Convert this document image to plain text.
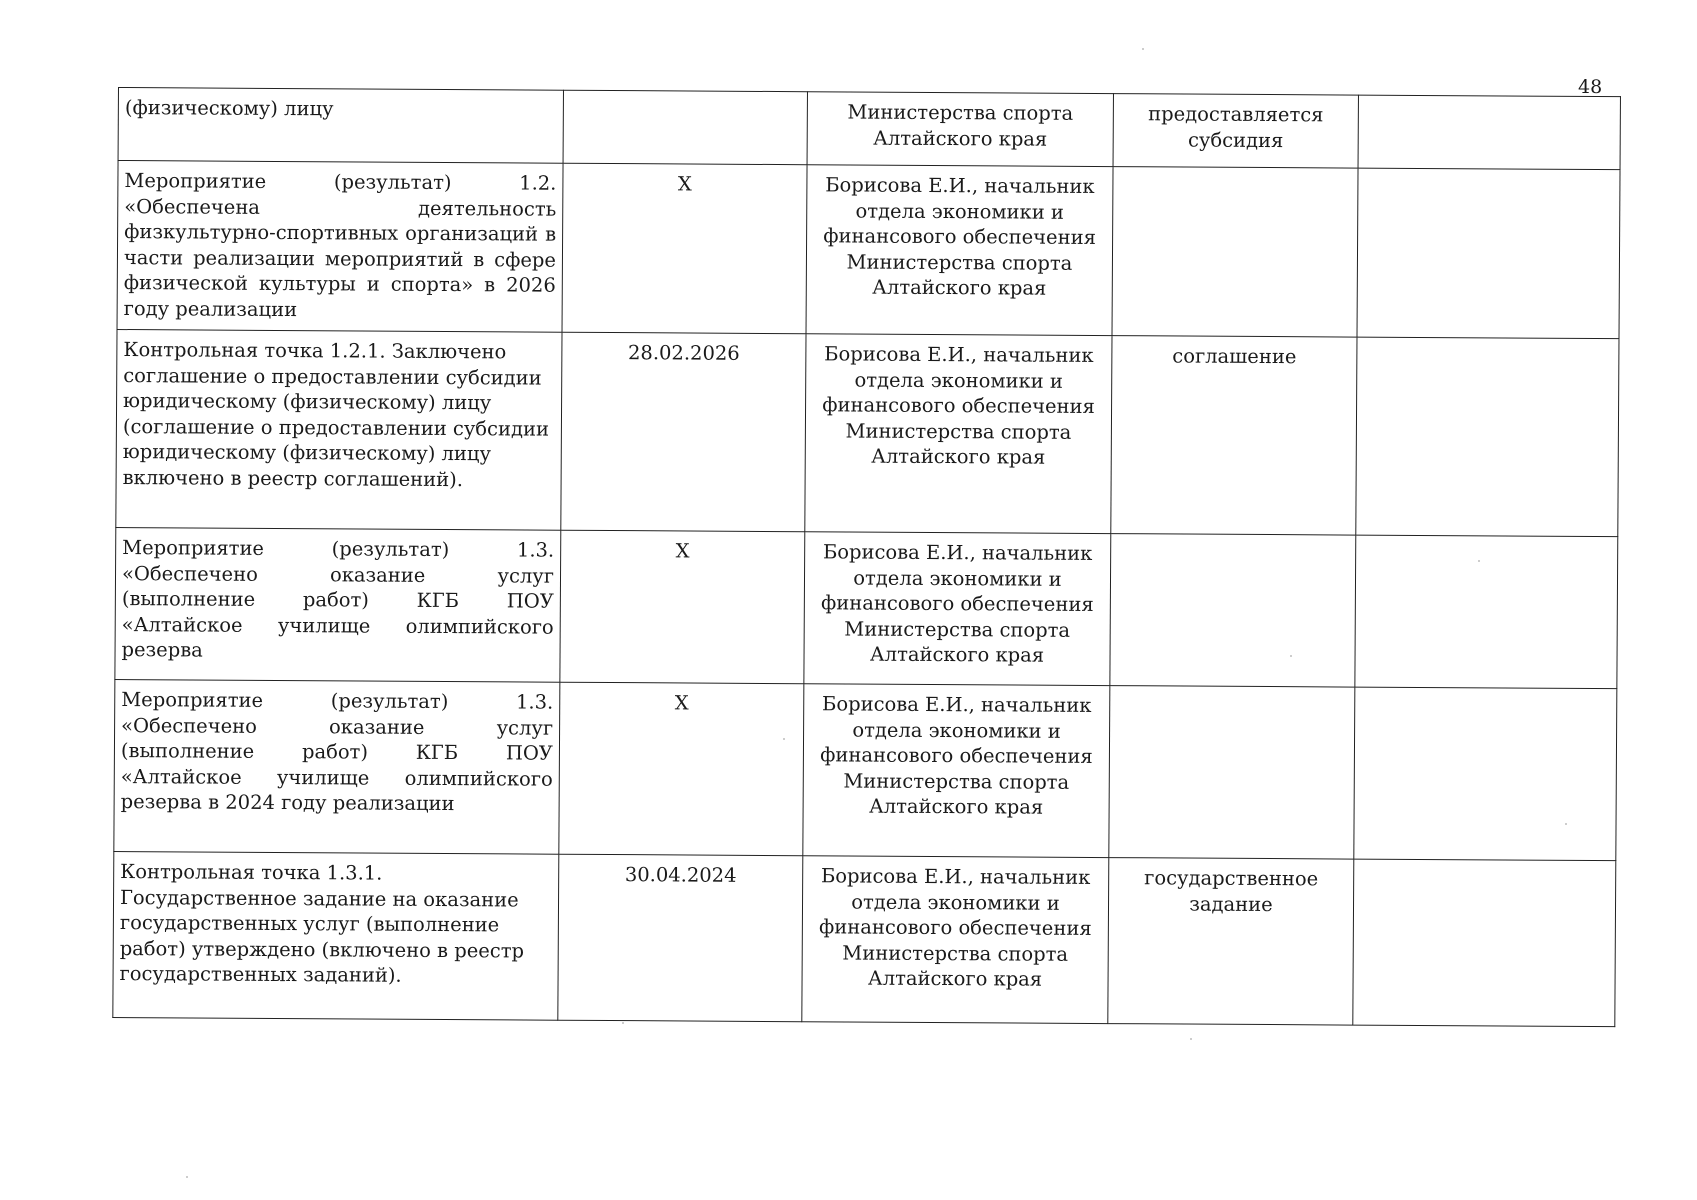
48
(физическому) лицу		Министерства спорта Алтайского края	предоставляется субсидия	
Мероприятие (результат) 1.2. «Обеспечена деятельность физкультурно-спортивных организаций в части реализации мероприятий в сфере физической культуры и спорта» в 2026 году реализации	Х	Борисова Е.И., начальник отдела экономики и финансового обеспечения Министерства спорта Алтайского края		
Контрольная точка 1.2.1. Заключено соглашение о предоставлении субсидии юридическому (физическому) лицу (соглашение о предоставлении субсидии юридическому (физическому) лицу включено в реестр соглашений).	28.02.2026	Борисова Е.И., начальник отдела экономики и финансового обеспечения Министерства спорта Алтайского края	соглашение	
Мероприятие (результат) 1.3. «Обеспечено оказание услуг (выполнение работ) КГБ ПОУ «Алтайское училище олимпийского резерва	Х	Борисова Е.И., начальник отдела экономики и финансового обеспечения Министерства спорта Алтайского края		
Мероприятие (результат) 1.3. «Обеспечено оказание услуг (выполнение работ) КГБ ПОУ «Алтайское училище олимпийского резерва в 2024 году реализации	Х	Борисова Е.И., начальник отдела экономики и финансового обеспечения Министерства спорта Алтайского края		
Контрольная точка 1.3.1. Государственное задание на оказание государственных услуг (выполнение работ) утверждено (включено в реестр государственных заданий).	30.04.2024	Борисова Е.И., начальник отдела экономики и финансового обеспечения Министерства спорта Алтайского края	государственное задание	
